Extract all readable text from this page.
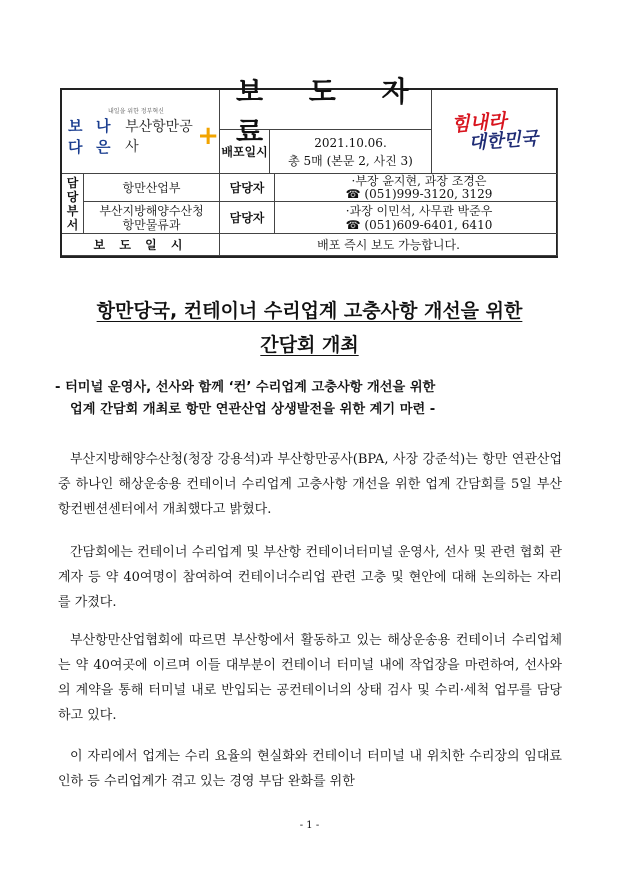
내일을 위한 정부혁신
보다
나은
부산항만공사	+
보 도 자 료
배포일시
2021.10.06.
총 5매 (본문 2, 사진 3)
힘내라
대한민국
담당
부서
항만산업부
부산지방해양수산청
항만물류과
담당자
담당자
·부장 윤지현, 과장 조경은
☎ (051)999-3120, 3129
·과장 이민석, 사무관 박준우
☎ (051)609-6401, 6410
보 도 일 시	배포 즉시 보도 가능합니다.
항만당국, 컨테이너 수리업계 고충사항 개선을 위한
간담회 개최
- 터미널 운영사, 선사와 함께 ‘컨’ 수리업계 고충사항 개선을 위한
업계 간담회 개최로 항만 연관산업 상생발전을 위한 계기 마련 -
부산지방해양수산청(청장 강용석)과 부산항만공사(BPA, 사장 강준석)는 항만 연관산업 중 하나인 해상운송용 컨테이너 수리업계 고충사항 개선을 위한 업계 간담회를 5일 부산항컨벤션센터에서 개최했다고 밝혔다.
간담회에는 컨테이너 수리업계 및 부산항 컨테이너터미널 운영사, 선사 및 관련 협회 관계자 등 약 40여명이 참여하여 컨테이너수리업 관련 고충 및 현안에 대해 논의하는 자리를 가졌다.
부산항만산업협회에 따르면 부산항에서 활동하고 있는 해상운송용 컨테이너 수리업체는 약 40여곳에 이르며 이들 대부분이 컨테이너 터미널 내에 작업장을 마련하여, 선사와의 계약을 통해 터미널 내로 반입되는 공컨테이너의 상태 검사 및 수리·세척 업무를 담당하고 있다.
이 자리에서 업계는 수리 요율의 현실화와 컨테이너 터미널 내 위치한 수리장의 임대료 인하 등 수리업계가 겪고 있는 경영 부담 완화를 위한
- 1 -
